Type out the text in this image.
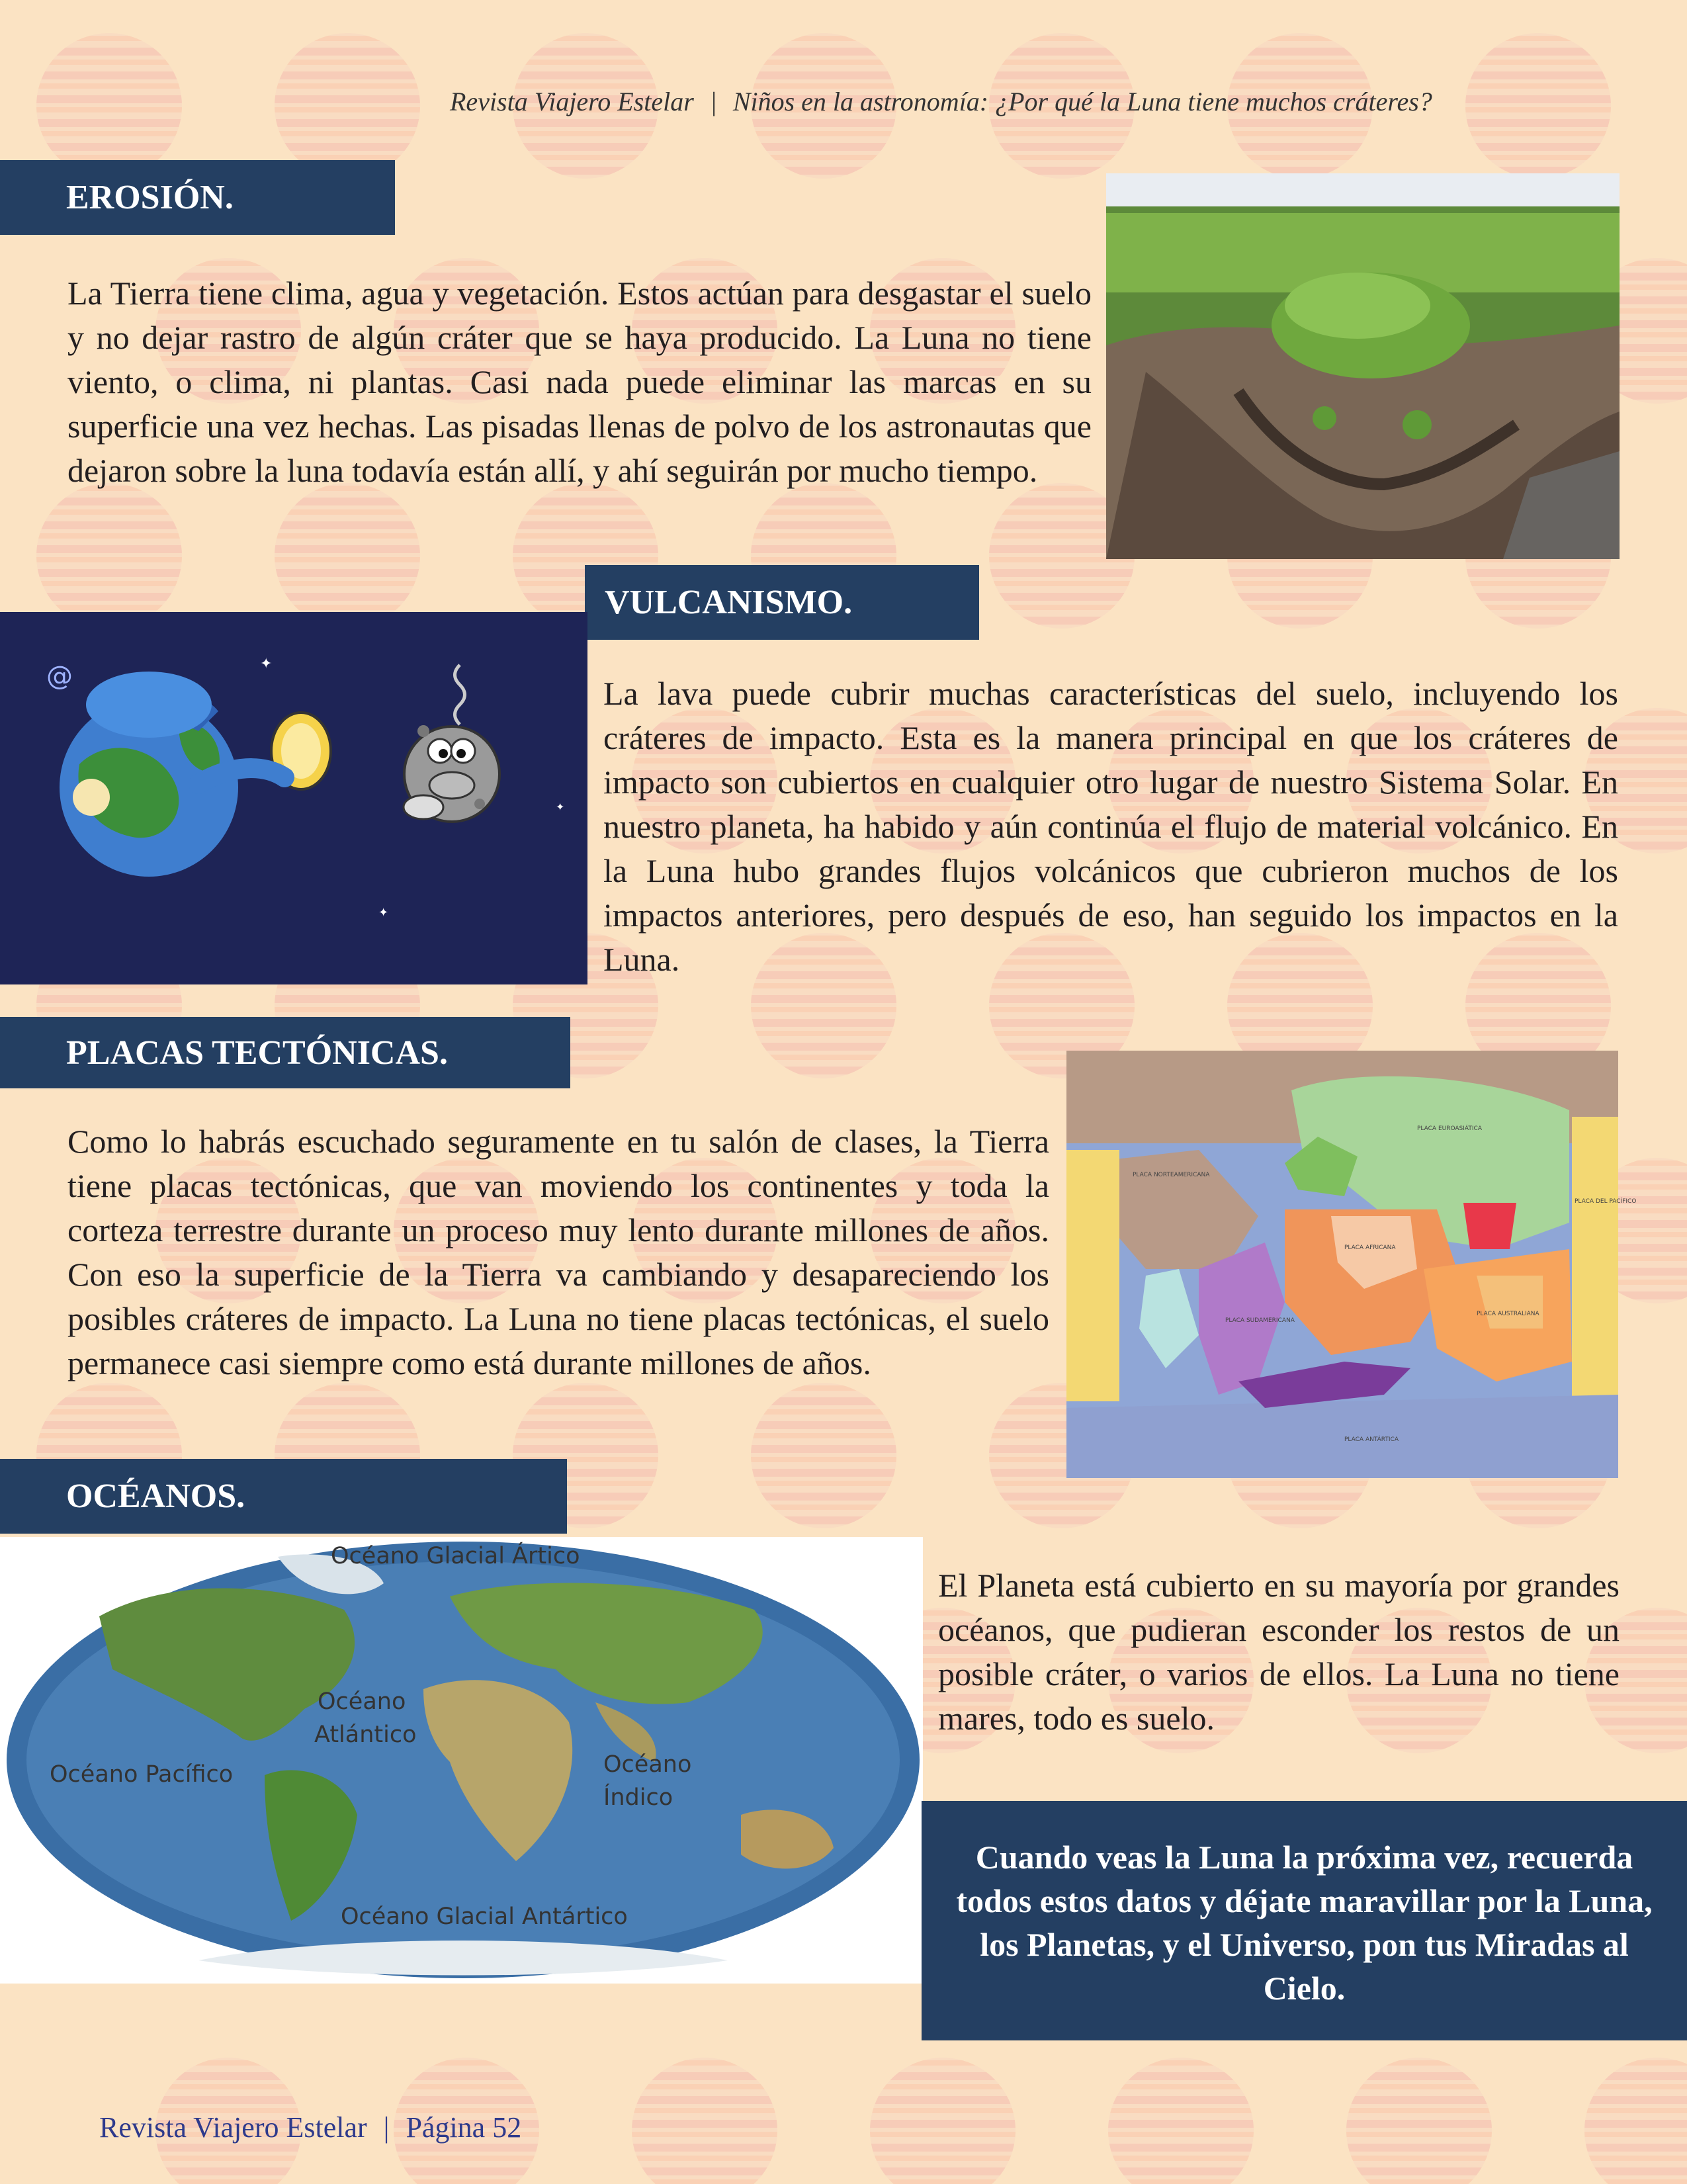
Revista Viajero Estelar | Niños en la astronomía: ¿Por qué la Luna tiene muchos cráteres?
EROSIÓN.
La Tierra tiene clima, agua y vegetación. Estos actúan para desgastar el suelo y no dejar rastro de algún cráter que se haya producido. La Luna no tiene viento, o clima, ni plantas. Casi nada puede eliminar las marcas en su superficie una vez hechas. Las pisadas llenas de polvo de los astronautas que dejaron sobre la luna todavía están allí, y ahí seguirán por mucho tiempo.
VULCANISMO.
@	✦
✦
✦
La lava puede cubrir muchas características del suelo, incluyendo los cráteres de impacto. Esta es la manera principal en que los cráteres de impacto son cubiertos en cualquier otro lugar de nuestro Sistema Solar. En nuestro planeta, ha habido y aún continúa el flujo de material volcánico. En la Luna hubo grandes flujos volcánicos que cubrieron muchos de los impactos anteriores, pero después de eso, han seguido los impactos en la Luna.
PLACAS TECTÓNICAS.
Como lo habrás escuchado seguramente en tu salón de clases, la Tierra tiene placas tectónicas, que van moviendo los continentes y toda la corteza terrestre durante un proceso muy lento durante millones de años. Con eso la superficie de la Tierra va cambiando y desapareciendo los posibles cráteres de impacto. La Luna no tiene placas tectónicas, el suelo permanece casi siempre como está durante millones de años.
PLACA NORTEAMERICANA
PLACA EUROASIÁTICA
PLACA DEL PACÍFICO
PLACA AFRICANA
PLACA SUDAMERICANA
PLACA AUSTRALIANA
PLACA ANTÁRTICA
OCÉANOS.
Océano Glacial Ártico
Océano
Atlántico
Océano Pacífico	Océano
Índico
Océano Glacial Antártico
El Planeta está cubierto en su mayoría por grandes océanos, que pudieran esconder los restos de un posible cráter, o varios de ellos. La Luna no tiene mares, todo es suelo.
Cuando veas la Luna la próxima vez, recuerda todos estos datos y déjate maravillar por la Luna, los Planetas, y el Universo, pon tus Miradas al Cielo.
Revista Viajero Estelar | Página 52
